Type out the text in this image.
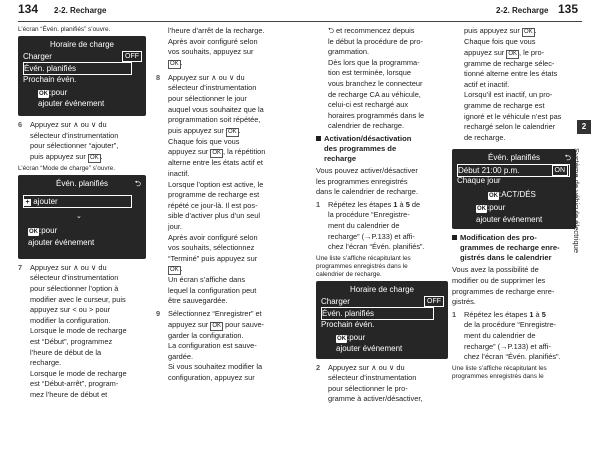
134 2-2. Recharge

L’écran “Évén. planifiés” s’ouvre.

Horaire de charge
Charger	OFF
Évén. planifiés
Prochain évén.
OK:pour
ajouter événement
6 Appuyez sur ∧ ou ∨ du
sélecteur d’instrumentation
pour sélectionner “ajouter”,
puis appuyez sur OK .

L’écran “Mode de charge” s’ouvre.

Évén. planifiés	⮌
+ ajouter
⌄
OK:pour
ajouter événement
7 Appuyez sur ∧ ou ∨ du
sélecteur d’instrumentation
pour sélectionner l’option à
modifier avec le curseur, puis
appuyez sur < ou > pour
modifier la configuration.
Lorsque le mode de recharge
est “Début”, programmez
l’heure de début de la
recharge.
Lorsque le mode de recharge
est “Début-arrêt”, program-
mez l’heure de début et
l’heure d’arrêt de la recharge.
Après avoir configuré selon
vos souhaits, appuyez sur
OK .
8 Appuyez sur ∧ ou ∨ du
sélecteur d’instrumentation
pour sélectionner le jour
auquel vous souhaitez que la
programmation soit répétée,
puis appuyez sur OK .
Chaque fois que vous
appuyez sur OK , la répétition
alterne entre les états actif et
inactif.
Lorsque l’option est active, le
programme de recharge est
répété ce jour-là. Il est pos-
sible d’activer plus d’un seul
jour.
Après avoir configuré selon
vos souhaits, sélectionnez
“Terminé” puis appuyez sur
OK .
Un écran s’affiche dans
lequel la configuration peut
être sauvegardée.
9 Sélectionnez “Enregistrer” et
appuyez sur OK pour sauve-
garder la configuration.
La configuration est sauve-
gardée.
Si vous souhaitez modifier la
configuration, appuyez sur
2-2. Recharge 135
⮌ et recommencez depuis
le début la procédure de pro-
grammation.
Dès lors que la programma-
tion est terminée, lorsque
vous branchez le connecteur
de recharge CA au véhicule,
celui-ci est rechargé aux
horaires programmés dans le
calendrier de recharge.
Activation/désactivation
des programmes de
recharge

Vous pouvez activer/désactiver
les programmes enregistrés
dans le calendrier de recharge.

1 Répétez les étapes 1 à 5 de
la procédure “Enregistre-
ment du calendrier de
recharge” (→P.133) et affi-
chez l’écran “Évén. planifiés”.

Une liste s’affiche récapitulant les
programmes enregistrés dans le
calendrier de recharge.

Horaire de charge
Charger	OFF
Évén. planifiés
Prochain évén.
OK:pour
ajouter événement
2 Appuyez sur ∧ ou ∨ du
sélecteur d’instrumentation
pour sélectionner le pro-
gramme à activer/désactiver,
puis appuyez sur OK .
Chaque fois que vous
appuyez sur OK , le pro-
gramme de recharge sélec-
tionné alterne entre les états
actif et inactif.
Lorsqu’il est inactif, un pro-
gramme de recharge est
ignoré et le véhicule n’est pas
rechargé selon le calendrier
de recharge.
Évén. planifiés	⮌
Début 21:00 p.m.	ON
Chaque jour
OK:ACT/DÉS
OK:pour
ajouter événement
Modification des pro-
grammes de recharge enre-
gistrés dans le calendrier

Vous avez la possibilité de
modifier ou de supprimer les
programmes de recharge enre-
gistrés.

1 Répétez les étapes 1 à 5
de la procédure “Enregistre-
ment du calendrier de
recharge” (→P.133) et affi-
chez l’écran “Évén. planifiés”.

Une liste s’affiche récapitulant les
programmes enregistrés dans le

2
Système de véhicule électrique
